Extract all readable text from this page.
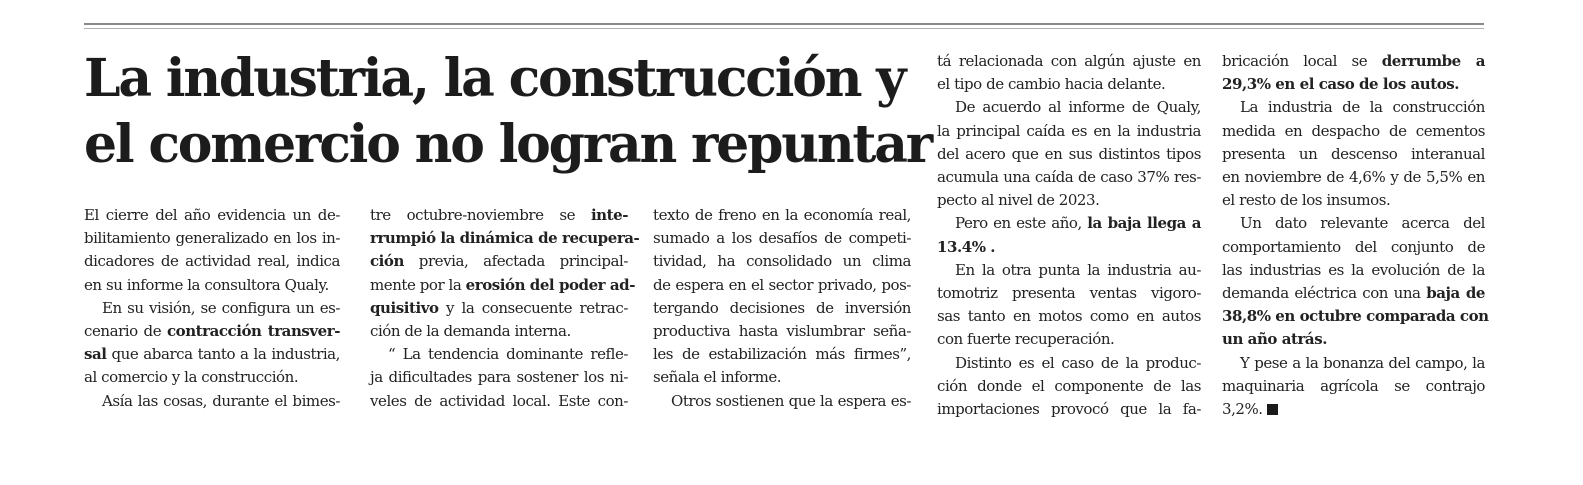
La industria, la construcción y
el comercio no logran repuntar

El cierre del año evidencia un de-
bilitamiento generalizado en los in-
dicadores de actividad real, indica
en su informe la consultora Qualy.

En su visión, se configura un es-
cenario de contracción transver-
sal que abarca tanto a la industria,
al comercio y la construcción.

Asía las cosas, durante el bimes-

tre octubre-noviembre se inte-
rrumpió la dinámica de recupera-
ción previa, afectada principal-
mente por la erosión del poder ad-
quisitivo y la consecuente retrac-
ción de la demanda interna.

“ La tendencia dominante refle-
ja dificultades para sostener los ni-
veles de actividad local. Este con-

texto de freno en la economía real,
sumado a los desafíos de competi-
tividad, ha consolidado un clima
de espera en el sector privado, pos-
tergando decisiones de inversión
productiva hasta vislumbrar seña-
les de estabilización más firmes”,
señala el informe.

Otros sostienen que la espera es-

tá relacionada con algún ajuste en
el tipo de cambio hacia delante.

De acuerdo al informe de Qualy,
la principal caída es en la industria
del acero que en sus distintos tipos
acumula una caída de caso 37% res-
pecto al nivel de 2023.

Pero en este año, la baja llega a
13.4% .

En la otra punta la industria au-
tomotriz presenta ventas vigoro-
sas tanto en motos como en autos
con fuerte recuperación.

Distinto es el caso de la produc-
ción donde el componente de las
importaciones provocó que la fa-

bricación local se derrumbe a
29,3% en el caso de los autos.

La industria de la construcción
medida en despacho de cementos
presenta un descenso interanual
en noviembre de 4,6% y de 5,5% en
el resto de los insumos.

Un dato relevante acerca del
comportamiento del conjunto de
las industrias es la evolución de la
demanda eléctrica con una baja de
38,8% en octubre comparada con
un año atrás.

Y pese a la bonanza del campo, la
maquinaria agrícola se contrajo
3,2%.
